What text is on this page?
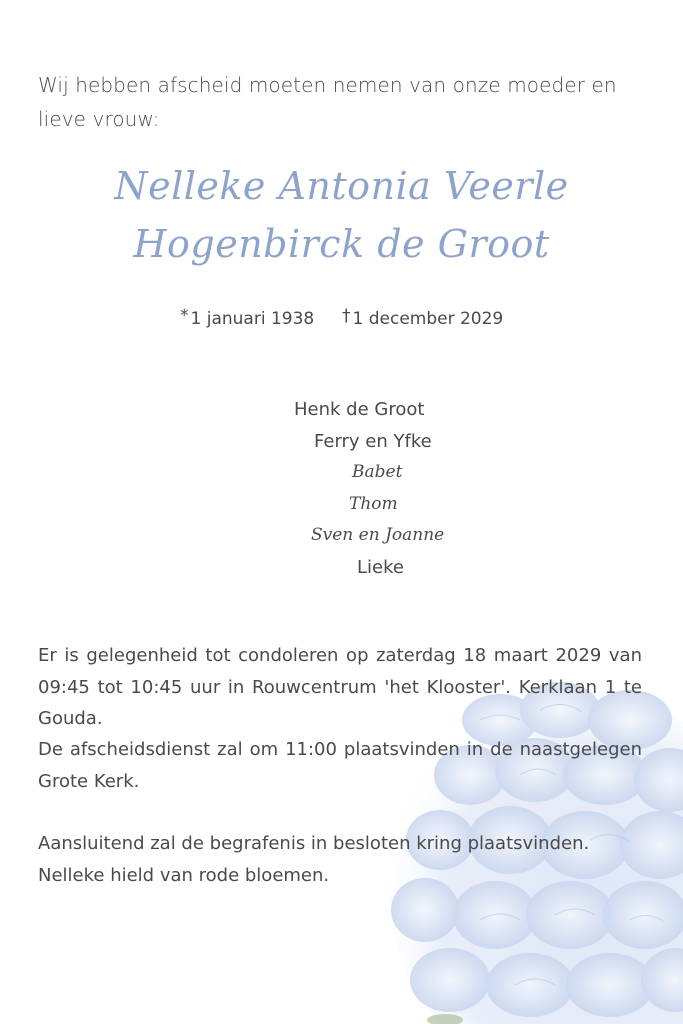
Wij hebben afscheid moeten nemen van onze moeder en lieve vrouw:
Nelleke Antonia Veerle
Hogenbirck de Groot
* 1 januari 1938 † 1 december 2029
Henk de Groot
Ferry en Yfke
Babet
Thom
Sven en Joanne
Lieke
Er is gelegenheid tot condoleren op zaterdag 18 maart 2029 van 09:45 tot 10:45 uur in Rouwcentrum 'het Klooster'. Kerklaan 1 te Gouda.
De afscheidsdienst zal om 11:00 plaatsvinden in de naastgelegen Grote Kerk.
Aansluitend zal de begrafenis in besloten kring plaatsvinden.
Nelleke hield van rode bloemen.
